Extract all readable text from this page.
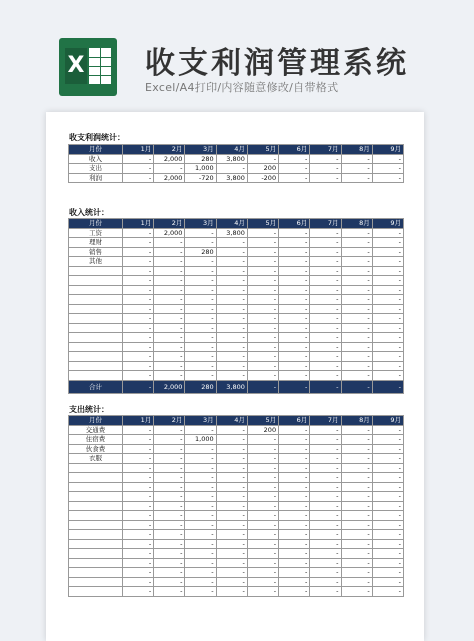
X 收支利润管理系统
Excel/A4打印/内容随意修改/自带格式
收支利润统计：
月份	1月	2月	3月	4月	5月	6月	7月	8月	9月
收入	-	2,000	280	3,800	-	-	-	-	-
支出	-	-	1,000	-	200	-	-	-	-
利润	-	2,000	-720	3,800	-200	-	-	-	-
收入统计：
月份	1月	2月	3月	4月	5月	6月	7月	8月	9月
工资	-	2,000	-	3,800	-	-	-	-	-
理财	-	-	-	-	-	-	-	-	-
销售	-	-	280	-	-	-	-	-	-
其他	-	-	-	-	-	-	-	-	-
	-	-	-	-	-	-	-	-	-
	-	-	-	-	-	-	-	-	-
	-	-	-	-	-	-	-	-	-
	-	-	-	-	-	-	-	-	-
	-	-	-	-	-	-	-	-	-
	-	-	-	-	-	-	-	-	-
	-	-	-	-	-	-	-	-	-
	-	-	-	-	-	-	-	-	-
	-	-	-	-	-	-	-	-	-
	-	-	-	-	-	-	-	-	-
	-	-	-	-	-	-	-	-	-
	-	-	-	-	-	-	-	-	-
合计	-	2,000	280	3,800	-	-	-	-	-
支出统计：
月份	1月	2月	3月	4月	5月	6月	7月	8月	9月
交通费	-	-	-	-	200	-	-	-	-
住宿费	-	-	1,000	-	-	-	-	-	-
伙食费	-	-	-	-	-	-	-	-	-
衣服	-	-	-	-	-	-	-	-	-
	-	-	-	-	-	-	-	-	-
	-	-	-	-	-	-	-	-	-
	-	-	-	-	-	-	-	-	-
	-	-	-	-	-	-	-	-	-
	-	-	-	-	-	-	-	-	-
	-	-	-	-	-	-	-	-	-
	-	-	-	-	-	-	-	-	-
	-	-	-	-	-	-	-	-	-
	-	-	-	-	-	-	-	-	-
	-	-	-	-	-	-	-	-	-
	-	-	-	-	-	-	-	-	-
	-	-	-	-	-	-	-	-	-
	-	-	-	-	-	-	-	-	-
	-	-	-	-	-	-	-	-	-
